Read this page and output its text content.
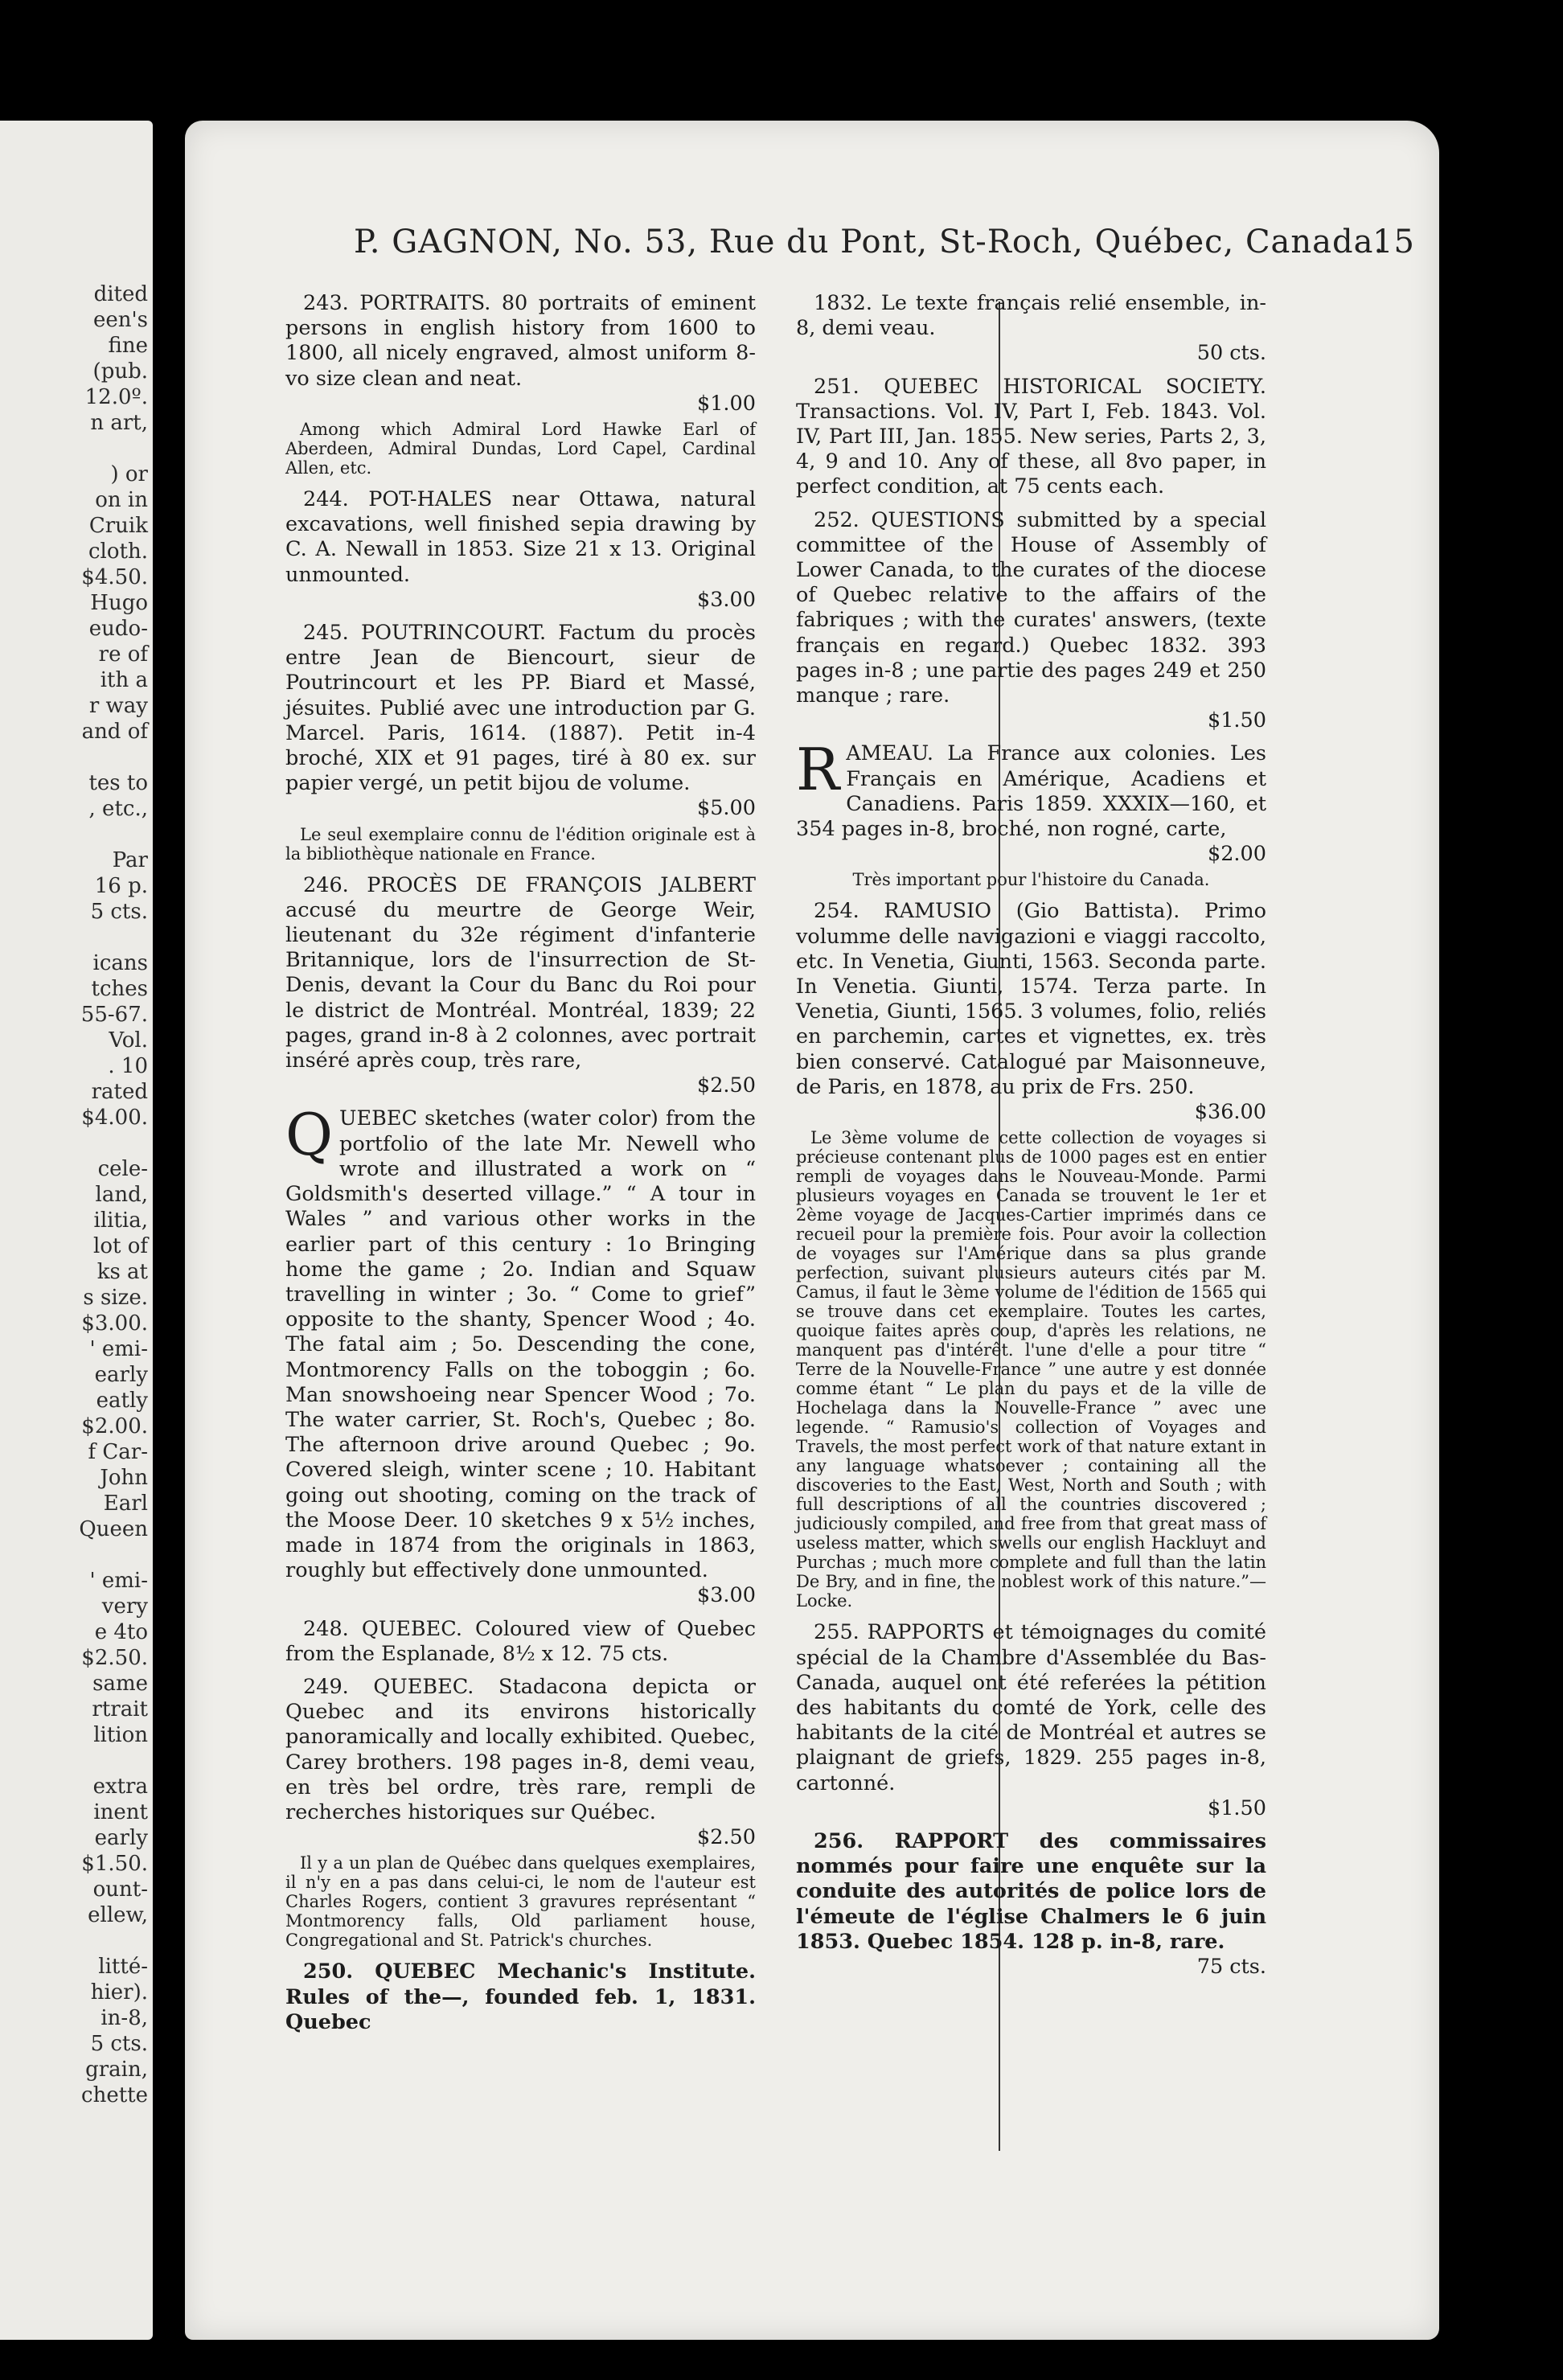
dited
een's
fine
(pub.
12.0º.
n art,
) or
on in
Cruik
cloth.
$4.50.
Hugo
eudo-
re of
ith a
r way
and of
tes to
, etc.,
Par
16 p.
5 cts.
icans
tches
55-67.
Vol.
. 10
rated
$4.00.
cele-
land,
ilitia,
lot of
ks at
s size.
$3.00.
' emi-
early
eatly
$2.00.
f Car-
John
Earl
Queen
' emi-
very
e 4to
$2.50.
same
rtrait
lition
extra
inent
early
$1.50.
ount-
ellew,
litté-
hier).
in-8,
5 cts.
grain,
chette
P. GAGNON, No. 53, Rue du Pont, St-Roch, Québec, Canada.
15

243. PORTRAITS. 80 portraits of eminent persons in english history from 1600 to 1800, all nicely engraved, almost uniform 8-vo size clean and neat.

$1.00
Among which Admiral Lord Hawke Earl of Aberdeen, Admiral Dundas, Lord Capel, Cardinal Allen, etc.

244. POT-HALES near Ottawa, natural excavations, well finished sepia drawing by C. A. Newall in 1853. Size 21 x 13. Original unmounted.

$3.00

245. POUTRINCOURT. Factum du procès entre Jean de Biencourt, sieur de Poutrincourt et les PP. Biard et Massé, jésuites. Publié avec une introduction par G. Marcel. Paris, 1614. (1887). Petit in-4 broché, XIX et 91 pages, tiré à 80 ex. sur papier vergé, un petit bijou de volume.

$5.00
Le seul exemplaire connu de l'édition originale est à la bibliothèque nationale en France.

246. PROCÈS DE FRANÇOIS JALBERT accusé du meurtre de George Weir, lieutenant du 32e régiment d'infanterie Britannique, lors de l'insurrection de St-Denis, devant la Cour du Banc du Roi pour le district de Montréal. Montréal, 1839; 22 pages, grand in-8 à 2 colonnes, avec portrait inséré après coup, très rare,

$2.50

QUEBEC sketches (water color) from the portfolio of the late Mr. Newell who wrote and illustrated a work on “ Goldsmith's deserted village.” “ A tour in Wales ” and various other works in the earlier part of this century : 1o Bringing home the game ; 2o. Indian and Squaw travelling in winter ; 3o. “ Come to grief” opposite to the shanty, Spencer Wood ; 4o. The fatal aim ; 5o. Descending the cone, Montmorency Falls on the toboggin ; 6o. Man snowshoeing near Spencer Wood ; 7o. The water carrier, St. Roch's, Quebec ; 8o. The afternoon drive around Quebec ; 9o. Covered sleigh, winter scene ; 10. Habitant going out shooting, coming on the track of the Moose Deer. 10 sketches 9 x 5½ inches, made in 1874 from the originals in 1863, roughly but effectively done unmounted.

$3.00

248. QUEBEC. Coloured view of Quebec from the Esplanade, 8½ x 12. 75 cts.

249. QUEBEC. Stadacona depicta or Quebec and its environs historically panoramically and locally exhibited. Quebec, Carey brothers. 198 pages in-8, demi veau, en très bel ordre, très rare, rempli de recherches historiques sur Québec.

$2.50
Il y a un plan de Québec dans quelques exemplaires, il n'y en a pas dans celui-ci, le nom de l'auteur est Charles Rogers, contient 3 gravures représentant “ Montmorency falls, Old parliament house, Congregational and St. Patrick's churches.

250. QUEBEC Mechanic's Institute. Rules of the—, founded feb. 1, 1831. Quebec

1832. Le texte français relié ensemble, in-8, demi veau.

50 cts.

251. QUEBEC HISTORICAL SOCIETY. Transactions. Vol. IV, Part I, Feb. 1843. Vol. IV, Part III, Jan. 1855. New series, Parts 2, 3, 4, 9 and 10. Any of these, all 8vo paper, in perfect condition, at 75 cents each.

252. QUESTIONS submitted by a special committee of the House of Assembly of Lower Canada, to the curates of the diocese of Quebec relative to the affairs of the fabriques ; with the curates' answers, (texte français en regard.) Quebec 1832. 393 pages in-8 ; une partie des pages 249 et 250 manque ; rare.

$1.50

RAMEAU. La France aux colonies. Les Français en Amérique, Acadiens et Canadiens. Paris 1859. XXXIX—160, et 354 pages in-8, broché, non rogné, carte,

$2.00
Très important pour l'histoire du Canada.

254. RAMUSIO (Gio Battista). Primo volumme delle navigazioni e viaggi raccolto, etc. In Venetia, Giunti, 1563. Seconda parte. In Venetia. Giunti, 1574. Terza parte. In Venetia, Giunti, 1565. 3 volumes, folio, reliés en parchemin, cartes et vignettes, ex. très bien conservé. Catalogué par Maisonneuve, de Paris, en 1878, au prix de Frs. 250.

$36.00
Le 3ème volume de cette collection de voyages si précieuse contenant plus de 1000 pages est en entier rempli de voyages dans le Nouveau-Monde. Parmi plusieurs voyages en Canada se trouvent le 1er et 2ème voyage de Jacques-Cartier imprimés dans ce recueil pour la première fois. Pour avoir la collection de voyages sur l'Amérique dans sa plus grande perfection, suivant plusieurs auteurs cités par M. Camus, il faut le 3ème volume de l'édition de 1565 qui se trouve dans cet exemplaire. Toutes les cartes, quoique faites après coup, d'après les relations, ne manquent pas d'intérêt. l'une d'elle a pour titre “ Terre de la Nouvelle-France ” une autre y est donnée comme étant “ Le plan du pays et de la ville de Hochelaga dans la Nouvelle-France ” avec une legende. “ Ramusio's collection of Voyages and Travels, the most perfect work of that nature extant in any language whatsoever ; containing all the discoveries to the East, West, North and South ; with full descriptions of all the countries discovered ; judiciously compiled, and free from that great mass of useless matter, which swells our english Hackluyt and Purchas ; much more complete and full than the latin De Bry, and in fine, the noblest work of this nature.”—Locke.

255. RAPPORTS et témoignages du comité spécial de la Chambre d'Assemblée du Bas-Canada, auquel ont été referées la pétition des habitants du comté de York, celle des habitants de la cité de Montréal et autres se plaignant de griefs, 1829. 255 pages in-8, cartonné.

$1.50

256. RAPPORT des commissaires nommés pour faire une enquête sur la conduite des autorités de police lors de l'émeute de l'église Chalmers le 6 juin 1853. Quebec 1854. 128 p. in-8, rare.

75 cts.
